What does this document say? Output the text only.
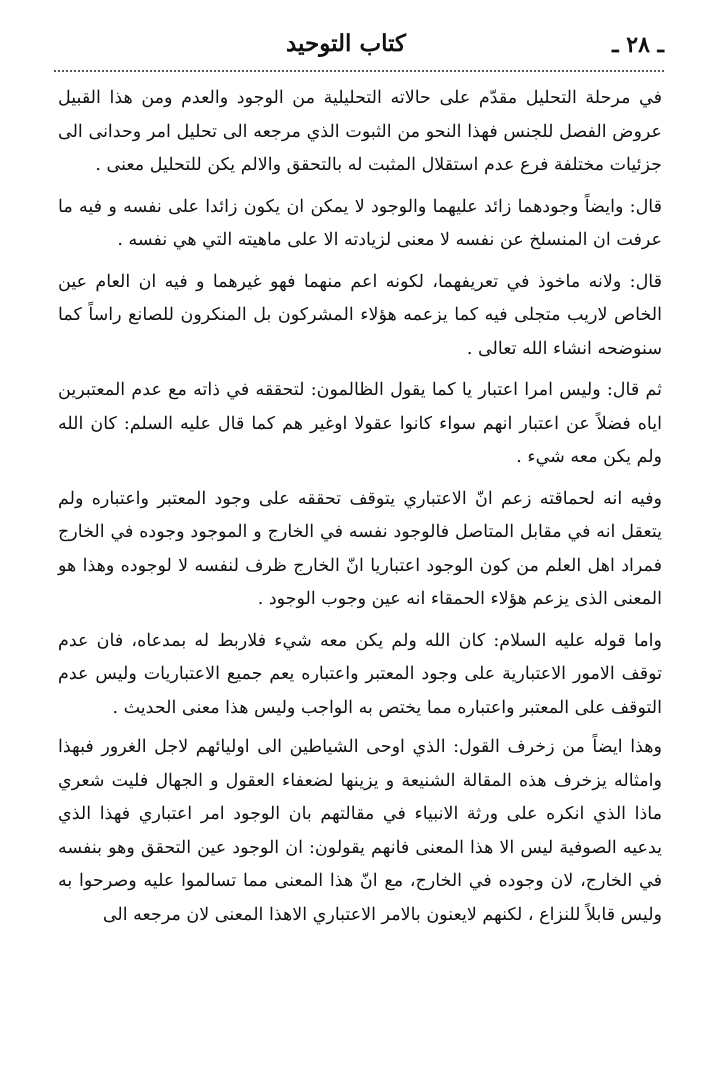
ـ ٢٨ ـ
كتاب التوحيد

في مرحلة التحليل مقدّم على حالاته التحليلية من الوجود والعدم ومن هذا القبيل عروض الفصل للجنس فهذا النحو من الثبوت الذي مرجعه الى تحليل امر وحدانى الى جزئيات مختلفة فرع عدم استقلال المثبت له بالتحقق والالم يكن للتحليل معنى .

قال: وايضاً وجودهما زائد عليهما والوجود لا يمكن ان يكون زائدا على نفسه و فيه ما عرفت ان المنسلخ عن نفسه لا معنى لزيادته الا على ماهيته التي هي نفسه .

قال: ولانه ماخوذ في تعريفهما، لكونه اعم منهما فهو غيرهما و فيه ان العام عين الخاص لاريب متجلى فيه كما يزعمه هؤلاء المشركون بل المنكرون للصانع راساً كما سنوضحه انشاء الله تعالى .

ثم قال: وليس امرا اعتبار يا كما يقول الظالمون: لتحققه في ذاته مع عدم المعتبرين اياه فضلاً عن اعتبار انهم سواء كانوا عقولا اوغير هم كما قال عليه السلم: كان الله ولم يكن معه شيء .

وفيه انه لحماقته زعم انّ الاعتباري يتوقف تحققه على وجود المعتبر واعتباره ولم يتعقل انه في مقابل المتاصل فالوجود نفسه في الخارج و الموجود وجوده في الخارج فمراد اهل العلم من كون الوجود اعتباريا انّ الخارج ظرف لنفسه لا لوجوده وهذا هو المعنى الذى يزعم هؤلاء الحمقاء انه عين وجوب الوجود .

واما قوله عليه السلام: كان الله ولم يكن معه شيء فلاربط له بمدعاه، فان عدم توقف الامور الاعتبارية على وجود المعتبر واعتباره يعم جميع الاعتباريات وليس عدم التوقف على المعتبر واعتباره مما يختص به الواجب وليس هذا معنى الحديث .

وهذا ايضاً من زخرف القول: الذي اوحى الشياطين الى اوليائهم لاجل الغرور فبهذا وامثاله يزخرف هذه المقالة الشنيعة و يزينها لضعفاء العقول و الجهال فليت شعري ماذا الذي انكره على ورثة الانبياء في مقالتهم بان الوجود امر اعتباري فهذا الذي يدعيه الصوفية ليس الا هذا المعنى فانهم يقولون: ان الوجود عين التحقق وهو بنفسه في الخارج، لان وجوده في الخارج، مع انّ هذا المعنى مما تسالموا عليه وصرحوا به وليس قابلاً للنزاع ، لكنهم لايعنون بالامر الاعتباري الاهذا المعنى لان مرجعه الى
